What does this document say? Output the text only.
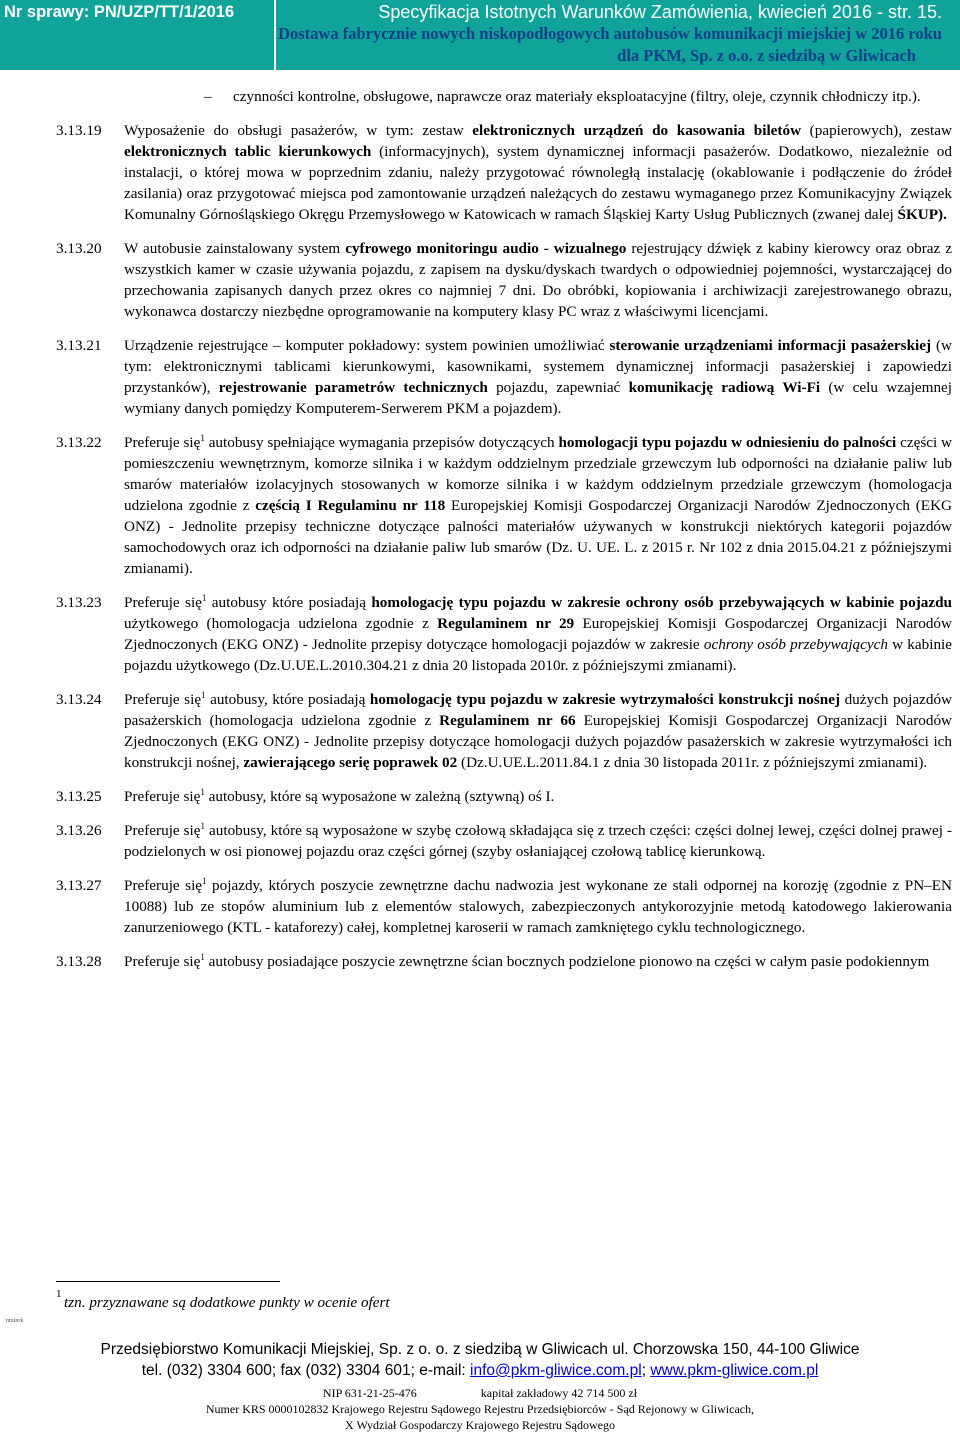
Nr sprawy: PN/UZP/TT/1/2016	Specyfikacja Istotnych Warunków Zamówienia, kwiecień 2016 - str. 15.
Dostawa fabrycznie nowych niskopodłogowych autobusów komunikacji miejskiej w 2016 roku
dla PKM, Sp. z o.o. z siedzibą w Gliwicach
– czynności kontrolne, obsługowe, naprawcze oraz materiały eksploatacyjne (filtry, oleje, czynnik chłodniczy itp.).
3.13.19 Wyposażenie do obsługi pasażerów, w tym: zestaw elektronicznych urządzeń do kasowania biletów (papierowych), zestaw elektronicznych tablic kierunkowych (informacyjnych), system dynamicznej informacji pasażerów. Dodatkowo, niezależnie od instalacji, o której mowa w poprzednim zdaniu, należy przygotować równoległą instalację (okablowanie i podłączenie do źródeł zasilania) oraz przygotować miejsca pod zamontowanie urządzeń należących do zestawu wymaganego przez Komunikacyjny Związek Komunalny Górnośląskiego Okręgu Przemysłowego w Katowicach w ramach Śląskiej Karty Usług Publicznych (zwanej dalej ŚKUP).
3.13.20 W autobusie zainstalowany system cyfrowego monitoringu audio - wizualnego rejestrujący dźwięk z kabiny kierowcy oraz obraz z wszystkich kamer w czasie używania pojazdu, z zapisem na dysku/dyskach twardych o odpowiedniej pojemności, wystarczającej do przechowania zapisanych danych przez okres co najmniej 7 dni. Do obróbki, kopiowania i archiwizacji zarejestrowanego obrazu, wykonawca dostarczy niezbędne oprogramowanie na komputery klasy PC wraz z właściwymi licencjami.
3.13.21 Urządzenie rejestrujące – komputer pokładowy: system powinien umożliwiać sterowanie urządzeniami informacji pasażerskiej (w tym: elektronicznymi tablicami kierunkowymi, kasownikami, systemem dynamicznej informacji pasażerskiej i zapowiedzi przystanków), rejestrowanie parametrów technicznych pojazdu, zapewniać komunikację radiową Wi-Fi (w celu wzajemnej wymiany danych pomiędzy Komputerem-Serwerem PKM a pojazdem).
3.13.22 Preferuje się$^1$ autobusy spełniające wymagania przepisów dotyczących homologacji typu pojazdu w odniesieniu do palności części w pomieszczeniu wewnętrznym, komorze silnika i w każdym oddzielnym przedziale grzewczym lub odporności na działanie paliw lub smarów materiałów izolacyjnych stosowanych w komorze silnika i w każdym oddzielnym przedziale grzewczym (homologacja udzielona zgodnie z częścią I Regulaminu nr 118 Europejskiej Komisji Gospodarczej Organizacji Narodów Zjednoczonych (EKG ONZ) - Jednolite przepisy techniczne dotyczące palności materiałów używanych w konstrukcji niektórych kategorii pojazdów samochodowych oraz ich odporności na działanie paliw lub smarów (Dz. U. UE. L. z 2015 r. Nr 102 z dnia 2015.04.21 z późniejszymi zmianami).
3.13.23 Preferuje się$^1$ autobusy które posiadają homologację typu pojazdu w zakresie ochrony osób przebywających w kabinie pojazdu użytkowego (homologacja udzielona zgodnie z Regulaminem nr 29 Europejskiej Komisji Gospodarczej Organizacji Narodów Zjednoczonych (EKG ONZ) - Jednolite przepisy dotyczące homologacji pojazdów w zakresie ochrony osób przebywających w kabinie pojazdu użytkowego (Dz.U.UE.L.2010.304.21 z dnia 20 listopada 2010r. z późniejszymi zmianami).
3.13.24 Preferuje się$^1$ autobusy, które posiadają homologację typu pojazdu w zakresie wytrzymałości konstrukcji nośnej dużych pojazdów pasażerskich (homologacja udzielona zgodnie z Regulaminem nr 66 Europejskiej Komisji Gospodarczej Organizacji Narodów Zjednoczonych (EKG ONZ) - Jednolite przepisy dotyczące homologacji dużych pojazdów pasażerskich w zakresie wytrzymałości ich konstrukcji nośnej, zawierającego serię poprawek 02 (Dz.U.UE.L.2011.84.1 z dnia 30 listopada 2011r. z późniejszymi zmianami).
3.13.25 Preferuje się$^1$ autobusy, które są wyposażone w zależną (sztywną) oś I.
3.13.26 Preferuje się$^1$ autobusy, które są wyposażone w szybę czołową składająca się z trzech części: części dolnej lewej, części dolnej prawej -podzielonych w osi pionowej pojazdu oraz części górnej (szyby osłaniającej czołową tablicę kierunkową.
3.13.27 Preferuje się$^1$ pojazdy, których poszycie zewnętrzne dachu nadwozia jest wykonane ze stali odpornej na korozję (zgodnie z PN–EN 10088) lub ze stopów aluminium lub z elementów stalowych, zabezpieczonych antykorozyjnie metodą katodowego lakierowania zanurzeniowego (KTL - kataforezy) całej, kompletnej karoserii w ramach zamkniętego cyklu technologicznego.
3.13.28 Preferuje się$^1$ autobusy posiadające poszycie zewnętrzne ścian bocznych podzielone pionowo na części w całym pasie podokiennym
1 tzn. przyznawane są dodatkowe punkty w ocenie ofert
nmlnrk
Przedsiębiorstwo Komunikacji Miejskiej, Sp. z o. o. z siedzibą w Gliwicach ul. Chorzowska 150, 44-100 Gliwice
tel. (032) 3304 600; fax (032) 3304 601; e-mail: info@pkm-gliwice.com.pl; www.pkm-gliwice.com.pl
NIP 631-21-25-476	kapitał zakładowy 42 714 500 zł
Numer KRS 0000102832 Krajowego Rejestru Sądowego Rejestru Przedsiębiorców - Sąd Rejonowy w Gliwicach,
X Wydział Gospodarczy Krajowego Rejestru Sądowego
